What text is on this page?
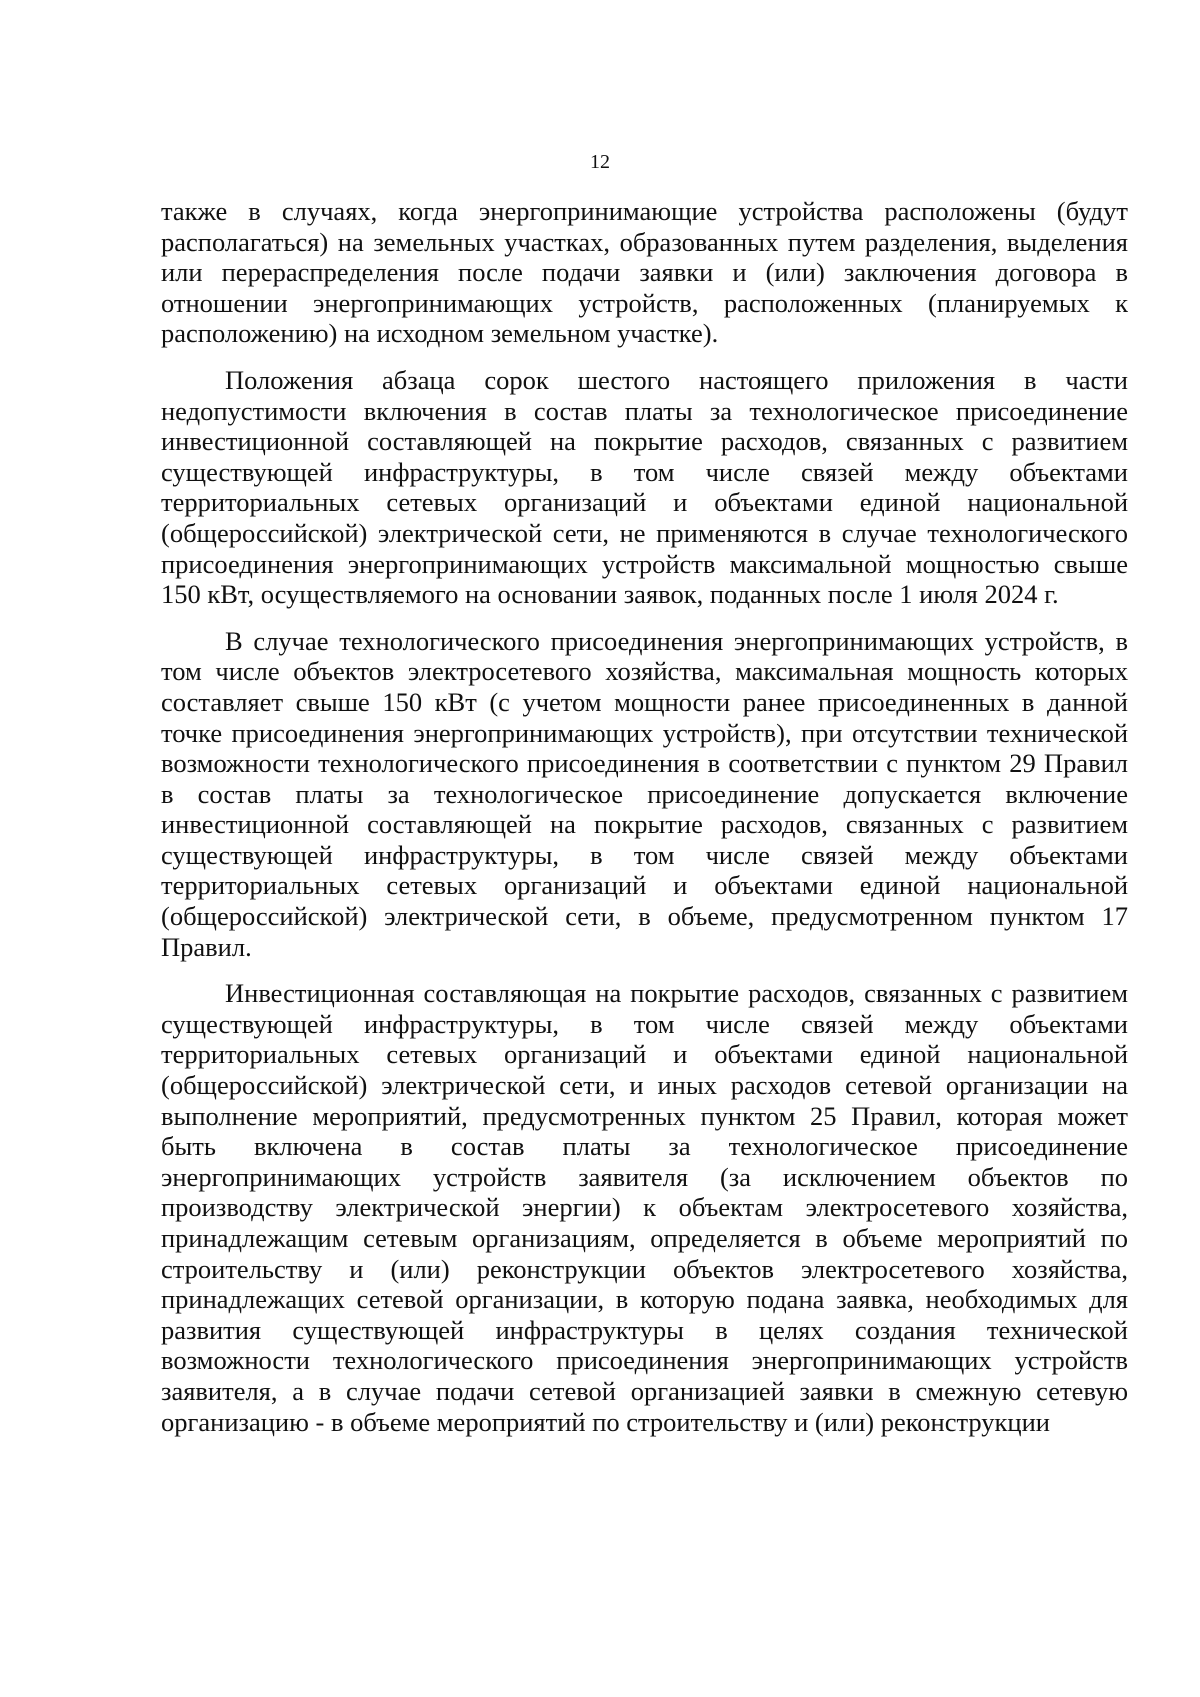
12

также в случаях, когда энергопринимающие устройства расположены (будут располагаться) на земельных участках, образованных путем разделения, выделения или перераспределения после подачи заявки и (или) заключения договора в отношении энергопринимающих устройств, расположенных (планируемых к расположению) на исходном земельном участке).

Положения абзаца сорок шестого настоящего приложения в части недопустимости включения в состав платы за технологическое присоединение инвестиционной составляющей на покрытие расходов, связанных с развитием существующей инфраструктуры, в том числе связей между объектами территориальных сетевых организаций и объектами единой национальной (общероссийской) электрической сети, не применяются в случае технологического присоединения энергопринимающих устройств максимальной мощностью свыше 150 кВт, осуществляемого на основании заявок, поданных после 1 июля 2024 г.

В случае технологического присоединения энергопринимающих устройств, в том числе объектов электросетевого хозяйства, максимальная мощность которых составляет свыше 150 кВт (с учетом мощности ранее присоединенных в данной точке присоединения энергопринимающих устройств), при отсутствии технической возможности технологического присоединения в соответствии с пунктом 29 Правил в состав платы за технологическое присоединение допускается включение инвестиционной составляющей на покрытие расходов, связанных с развитием существующей инфраструктуры, в том числе связей между объектами территориальных сетевых организаций и объектами единой национальной (общероссийской) электрической сети, в объеме, предусмотренном пунктом 17 Правил.

Инвестиционная составляющая на покрытие расходов, связанных с развитием существующей инфраструктуры, в том числе связей между объектами территориальных сетевых организаций и объектами единой национальной (общероссийской) электрической сети, и иных расходов сетевой организации на выполнение мероприятий, предусмотренных пунктом 25 Правил, которая может быть включена в состав платы за технологическое присоединение энергопринимающих устройств заявителя (за исключением объектов по производству электрической энергии) к объектам электросетевого хозяйства, принадлежащим сетевым организациям, определяется в объеме мероприятий по строительству и (или) реконструкции объектов электросетевого хозяйства, принадлежащих сетевой организации, в которую подана заявка, необходимых для развития существующей инфраструктуры в целях создания технической возможности технологического присоединения энергопринимающих устройств заявителя, а в случае подачи сетевой организацией заявки в смежную сетевую организацию - в объеме мероприятий по строительству и (или) реконструкции
